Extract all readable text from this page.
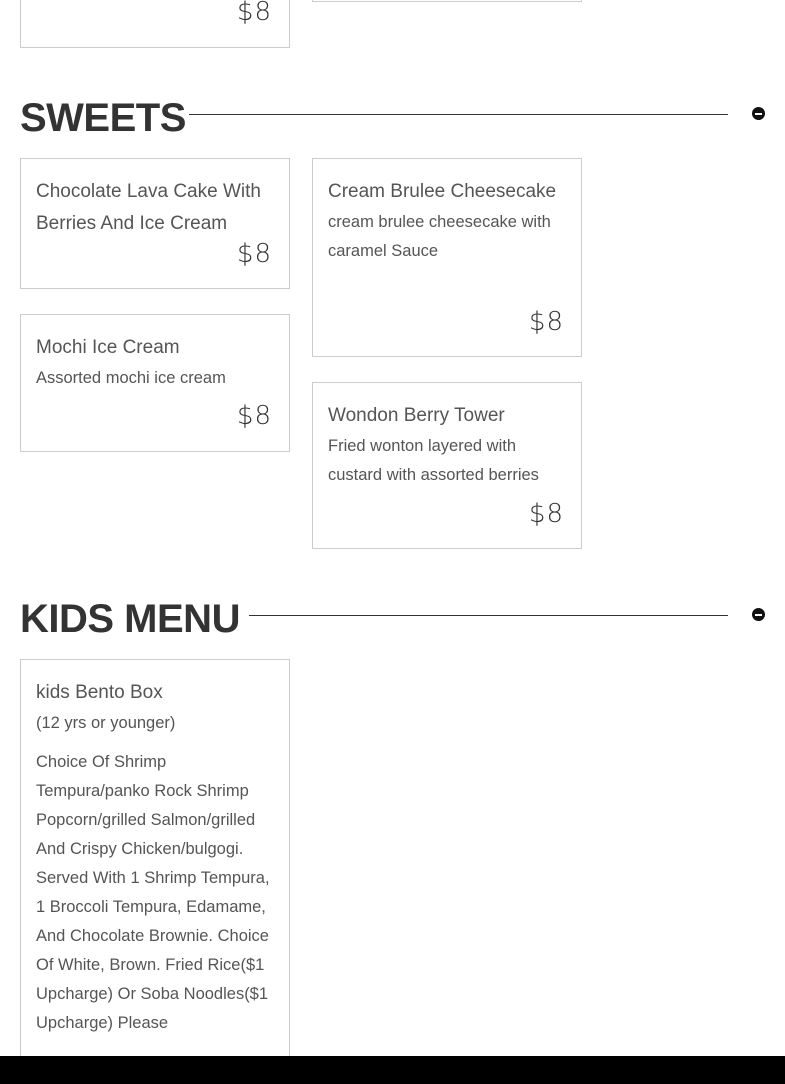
$8
SWEETS
Chocolate Lava Cake With Berries And Ice Cream
$8
Cream Brulee Cheesecake
cream brulee cheesecake with caramel Sauce
$8
Mochi Ice Cream
Assorted mochi ice cream
$8	Wondon Berry Tower
Fried wonton layered with custard with assorted berries
$8
KIDS MENU
kids Bento Box
(12 yrs or younger)
Choice Of Shrimp Tempura/panko Rock Shrimp Popcorn/grilled Salmon/grilled And Crispy Chicken/bulgogi. Served With 1 Shrimp Tempura, 1 Broccoli Tempura, Edamame, And Chocolate Brownie. Choice Of White, Brown. Fried Rice($1 Upcharge) Or Soba Noodles($1 Upcharge) Please
